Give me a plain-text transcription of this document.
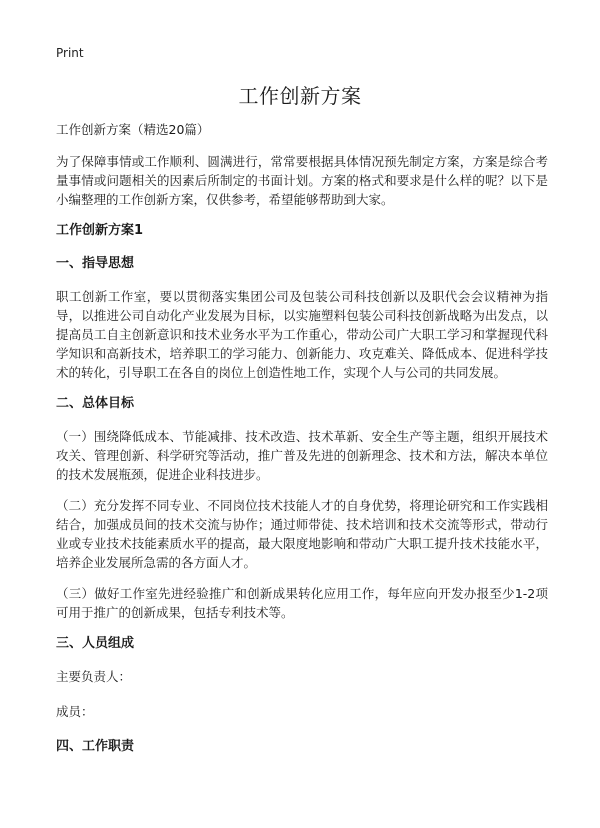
Print
工作创新方案

工作创新方案（精选20篇）

为了保障事情或工作顺利、圆满进行，常常要根据具体情况预先制定方案，方案是综合考量事情或问题相关的因素后所制定的书面计划。方案的格式和要求是什么样的呢？以下是小编整理的工作创新方案，仅供参考，希望能够帮助到大家。

工作创新方案1

一、指导思想

职工创新工作室，要以贯彻落实集团公司及包装公司科技创新以及职代会会议精神为指导，以推进公司自动化产业发展为目标，以实施塑料包装公司科技创新战略为出发点，以提高员工自主创新意识和技术业务水平为工作重心，带动公司广大职工学习和掌握现代科学知识和高新技术，培养职工的学习能力、创新能力、攻克难关、降低成本、促进科学技术的转化，引导职工在各自的岗位上创造性地工作，实现个人与公司的共同发展。

二、总体目标

（一）围绕降低成本、节能减排、技术改造、技术革新、安全生产等主题，组织开展技术攻关、管理创新、科学研究等活动，推广普及先进的创新理念、技术和方法，解决本单位的技术发展瓶颈，促进企业科技进步。

（二）充分发挥不同专业、不同岗位技术技能人才的自身优势，将理论研究和工作实践相结合，加强成员间的技术交流与协作；通过师带徒、技术培训和技术交流等形式，带动行业或专业技术技能素质水平的提高，最大限度地影响和带动广大职工提升技术技能水平，培养企业发展所急需的各方面人才。

（三）做好工作室先进经验推广和创新成果转化应用工作，每年应向开发办报至少1-2项可用于推广的创新成果，包括专利技术等。

三、人员组成

主要负责人：

成员：

四、工作职责
